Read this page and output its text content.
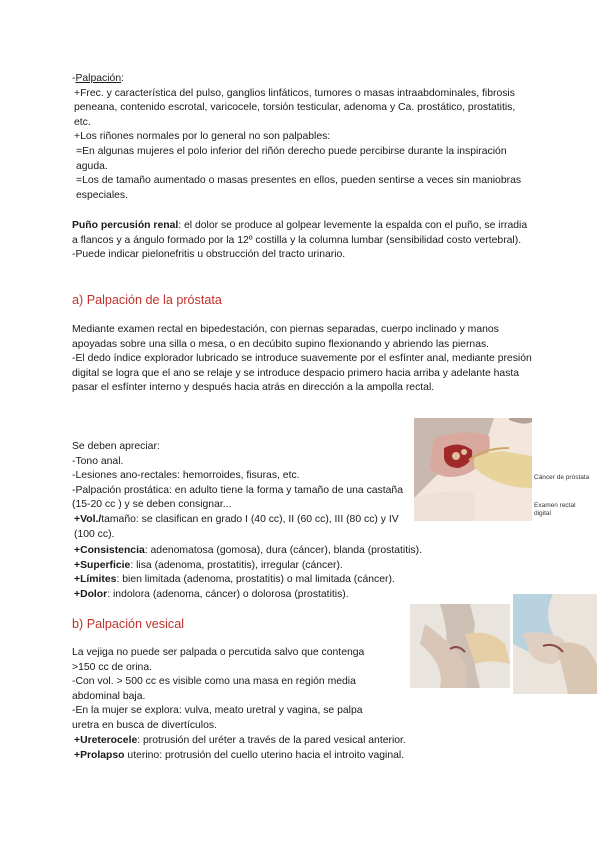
-Palpación:

+Frec. y característica del pulso, ganglios linfáticos, tumores o masas intraabdominales, fibrosis peneana, contenido escrotal, varicocele, torsión testicular, adenoma y Ca. prostático, prostatitis, etc.

+Los riñones normales por lo general no son palpables:

=En algunas mujeres el polo inferior del riñón derecho puede percibirse durante la inspiración aguda.

=Los de tamaño aumentado o masas presentes en ellos, pueden sentirse a veces sin maniobras especiales.

Puño percusión renal: el dolor se produce al golpear levemente la espalda con el puño, se irradia a flancos y a ángulo formado por la 12º costilla y la columna lumbar (sensibilidad costo vertebral).

-Puede indicar pielonefritis u obstrucción del tracto urinario.

a) Palpación de la próstata

Mediante examen rectal en bipedestación, con piernas separadas, cuerpo inclinado y manos apoyadas sobre una silla o mesa, o en decúbito supino flexionando y abriendo las piernas.

-El dedo índice explorador lubricado se introduce suavemente por el esfínter anal, mediante presión digital se logra que el ano se relaje y se introduce despacio primero hacia arriba y adelante hasta pasar el esfínter interno y después hacia atrás en dirección a la ampolla rectal.

Cáncer de próstata
Examen rectal digital

Se deben apreciar:

-Tono anal.

-Lesiones ano-rectales: hemorroides, fisuras, etc.

-Palpación prostática: en adulto tiene la forma y tamaño de una castaña (15-20 cc ) y se deben consignar...

+Vol./tamaño: se clasifican en grado I (40 cc), II (60 cc), III (80 cc) y IV (100 cc).

+Consistencia: adenomatosa (gomosa), dura (cáncer), blanda (prostatitis).

+Superficie: lisa (adenoma, prostatitis), irregular (cáncer).

+Límites: bien limitada (adenoma, prostatitis) o mal limitada (cáncer).

+Dolor: indolora (adenoma, cáncer) o dolorosa (prostatitis).

b) Palpación vesical

La vejiga no puede ser palpada o percutida salvo que contenga >150 cc de orina.

-Con vol. > 500 cc es visible como una masa en región media abdominal baja.

-En la mujer se explora: vulva, meato uretral y vagina, se palpa uretra en busca de divertículos.

+Ureterocele: protrusión del uréter a través de la pared vesical anterior.

+Prolapso uterino: protrusión del cuello uterino hacia el introito vaginal.
